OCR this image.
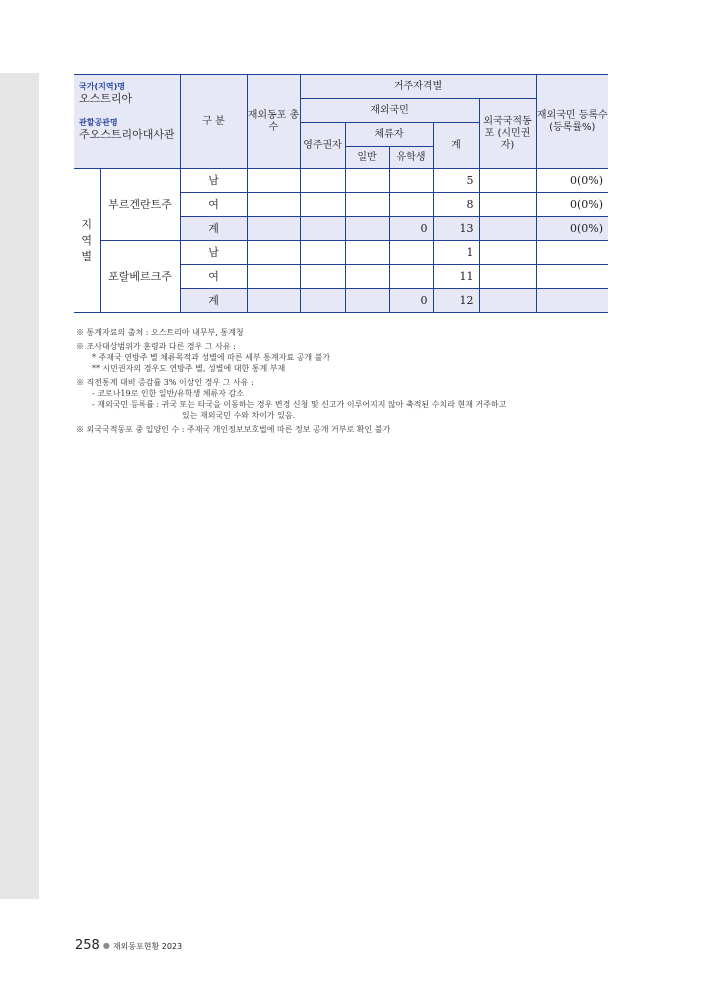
국가(지역)명
오스트리아
관할공관명
주오스트리아대사관		구 분	재외동포 총수	거주자격별					재외국민 등록수 (등록률%)
				재외국민				외국국적동포 (시민권자)	
				영주권자	체류자		계		
					일반	유학생			
지
역
별	부르겐란트주	남					5		0(0%)
		여					8		0(0%)
		계				0	13		0(0%)
	포랄베르크주	남					1		
		여					11		
		계				0	12		
※ 통계자료의 출처 : 오스트리아 내무부, 통계청
※ 조사대상범위가 훈령과 다른 경우 그 사유 :
* 주재국 연방주 별 체류목적과 성별에 따른 세부 통계자료 공개 불가
** 시민권자의 경우도 연방주 별, 성별에 대한 통계 부재
※ 직전통계 대비 증감률 3% 이상인 경우 그 사유 :
- 코로나19로 인한 일반/유학생 체류자 감소
- 재외국민 등록률 : 귀국 또는 타국을 이동하는 경우 변경 신청 및 신고가 이루어지지 않아 축적된 수치라 현재 거주하고
있는 재외국민 수와 차이가 있음.
※ 외국국적동포 중 입양인 수 : 주재국 개인정보보호법에 따른 정보 공개 거부로 확인 불가
258 ● 재외동포현황 2023
